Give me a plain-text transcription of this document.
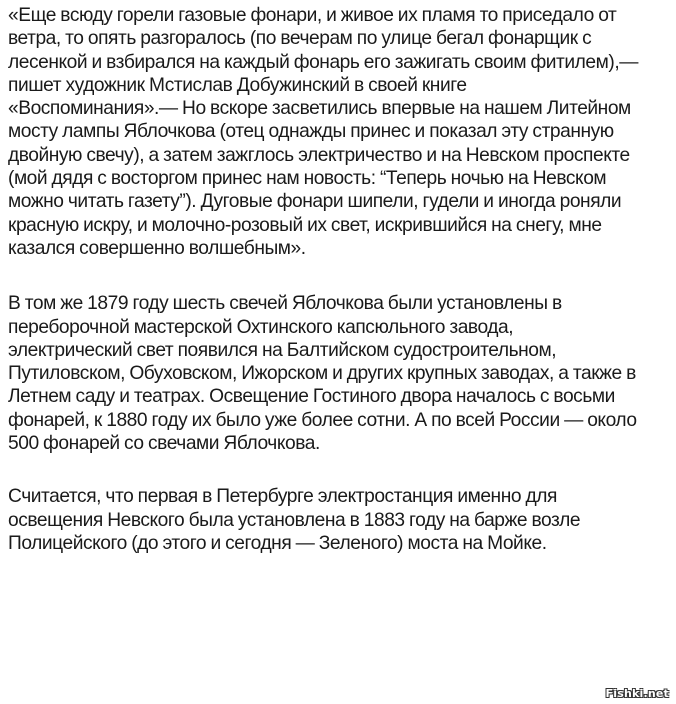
«Еще всюду горели газовые фонари, и живое их пламя то приседало от
ветра, то опять разгоралось (по вечерам по улице бегал фонарщик с
лесенкой и взбирался на каждый фонарь его зажигать своим фитилем),—
пишет художник Мстислав Добужинский в своей книге
«Воспоминания».— Но вскоре засветились впервые на нашем Литейном
мосту лампы Яблочкова (отец однажды принес и показал эту странную
двойную свечу), а затем зажглось электричество и на Невском проспекте
(мой дядя с восторгом принес нам новость: “Теперь ночью на Невском
можно читать газету”). Дуговые фонари шипели, гудели и иногда роняли
красную искру, и молочно-розовый их свет, искрившийся на снегу, мне
казался совершенно волшебным».

В том же 1879 году шесть свечей Яблочкова были установлены в
переборочной мастерской Охтинского капсюльного завода,
электрический свет появился на Балтийском судостроительном,
Путиловском, Обуховском, Ижорском и других крупных заводах, а также в
Летнем саду и театрах. Освещение Гостиного двора началось с восьми
фонарей, к 1880 году их было уже более сотни. А по всей России — около
500 фонарей со свечами Яблочкова.

Считается, что первая в Петербурге электростанция именно для
освещения Невского была установлена в 1883 году на барже возле
Полицейского (до этого и сегодня — Зеленого) моста на Мойке.

Fishki.net
